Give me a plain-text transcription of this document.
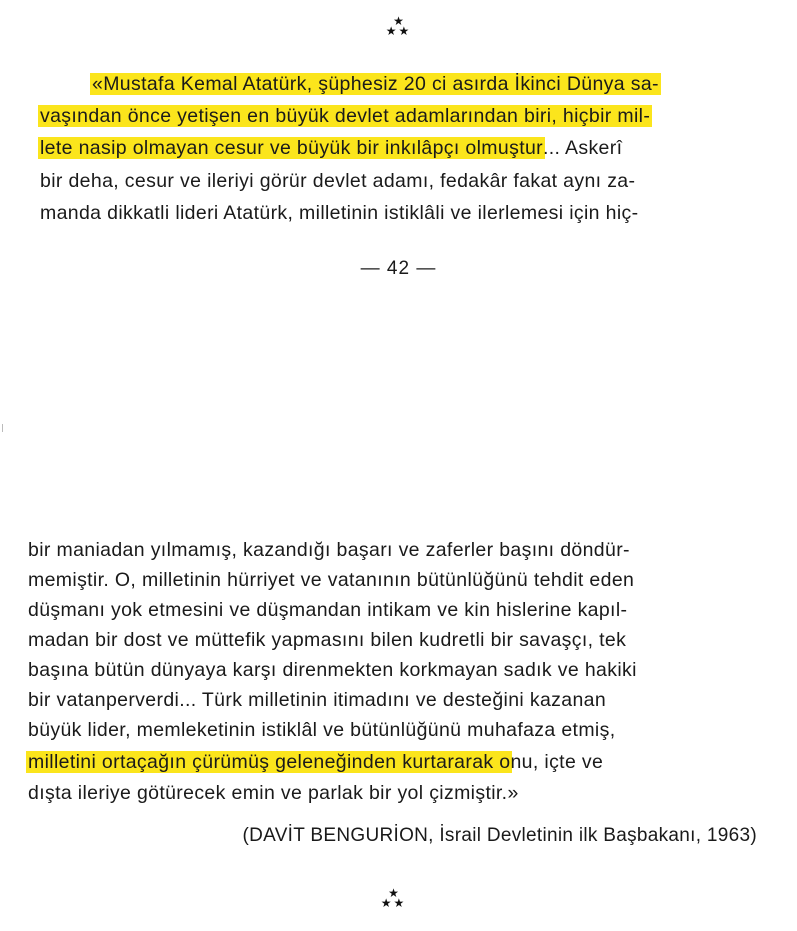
★
★★
«Mustafa Kemal Atatürk, şüphesiz 20 ci asırda İkinci Dünya sa-
vaşından önce yetişen en büyük devlet adamlarından biri, hiçbir mil-
lete nasip olmayan cesur ve büyük bir inkılâpçı olmuştur... Askerî
bir deha, cesur ve ileriyi görür devlet adamı, fedakâr fakat aynı za-
manda dikkatli lideri Atatürk, milletinin istiklâli ve ilerlemesi için hiç-
— 42 —
bir maniadan yılmamış, kazandığı başarı ve zaferler başını döndür-
memiştir. O, milletinin hürriyet ve vatanının bütünlüğünü tehdit eden
düşmanı yok etmesini ve düşmandan intikam ve kin hislerine kapıl-
madan bir dost ve müttefik yapmasını bilen kudretli bir savaşçı, tek
başına bütün dünyaya karşı direnmekten korkmayan sadık ve hakiki
bir vatanperverdi... Türk milletinin itimadını ve desteğini kazanan
büyük lider, memleketinin istiklâl ve bütünlüğünü muhafaza etmiş,
milletini ortaçağın çürümüş geleneğinden kurtararak onu, içte ve
dışta ileriye götürecek emin ve parlak bir yol çizmiştir.»
(DAVİT BENGURİON, İsrail Devletinin ilk Başbakanı, 1963)
★
★★
